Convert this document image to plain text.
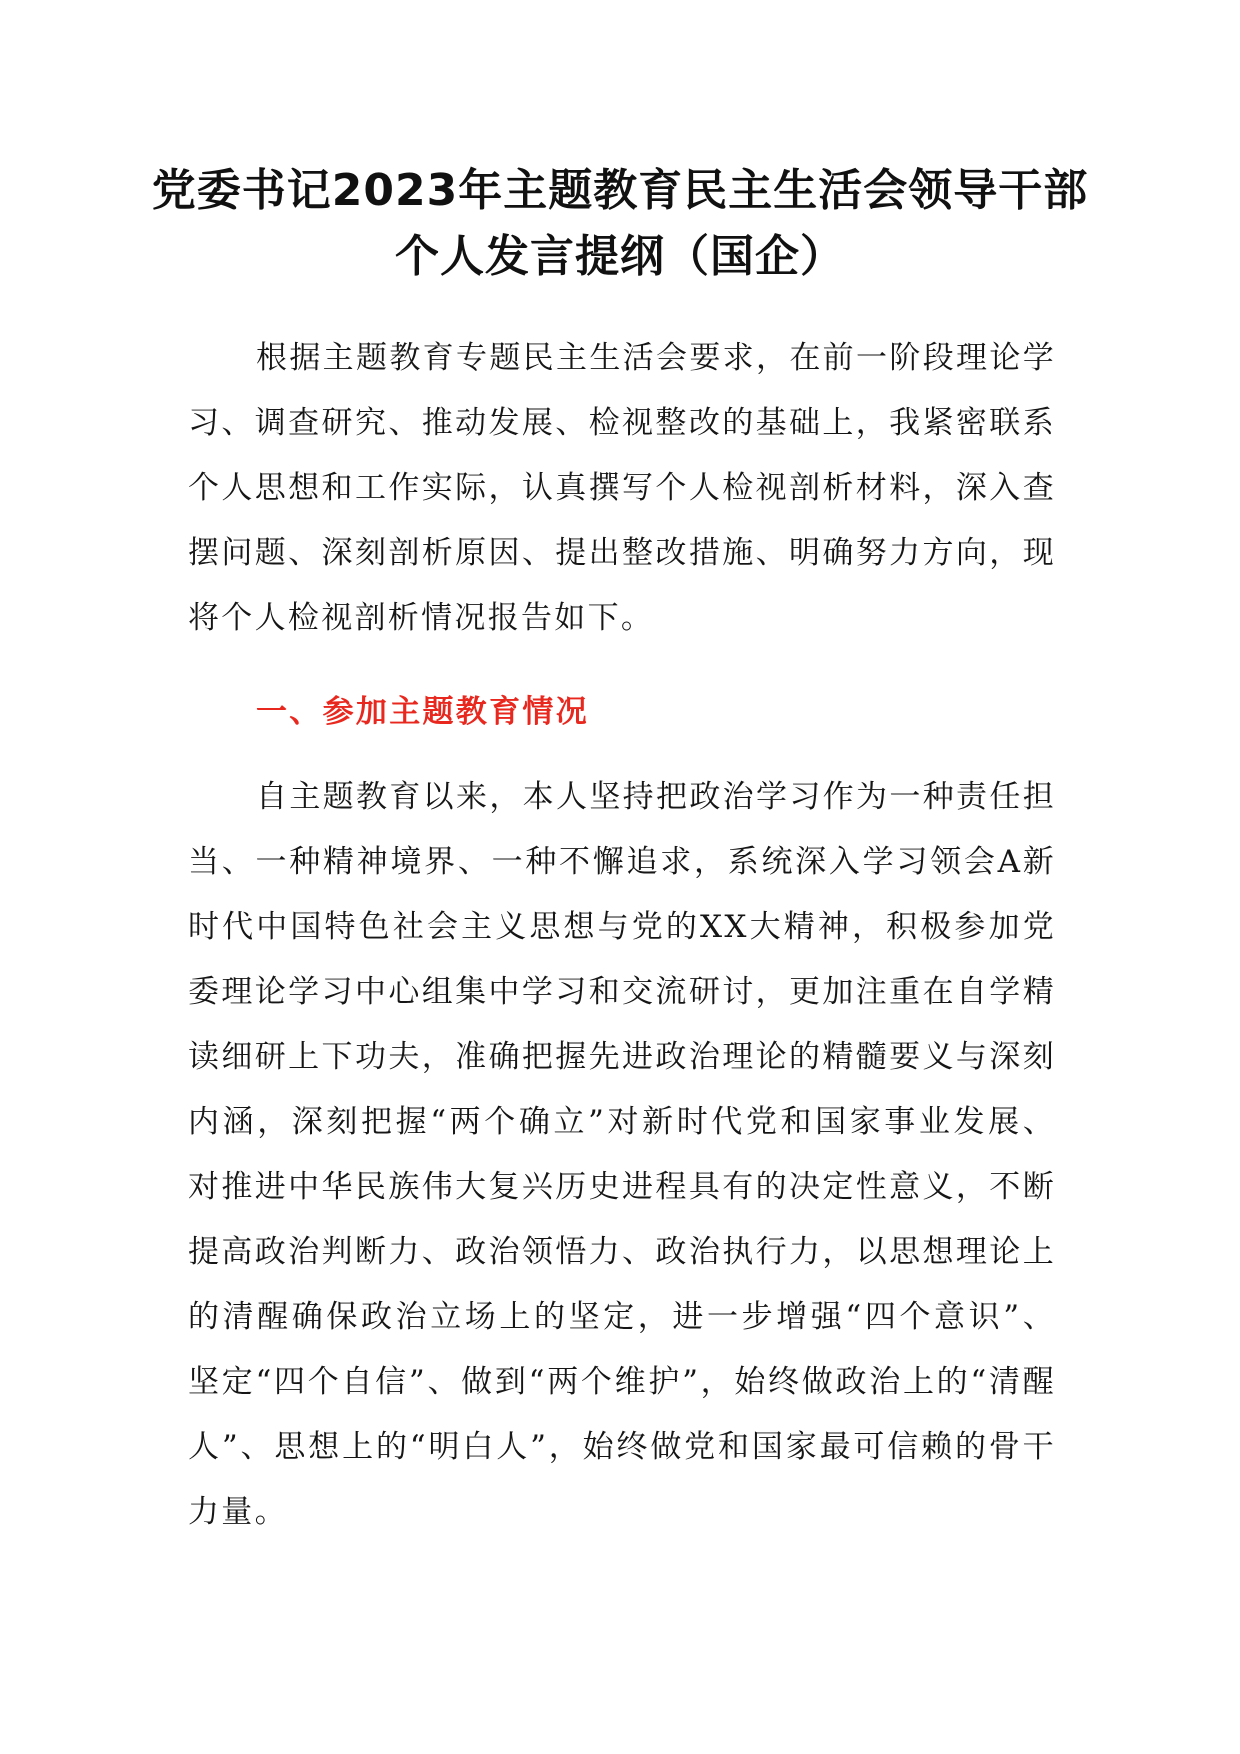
党委书记2023年主题教育民主生活会领导干部个人发言提纲（国企）

根据主题教育专题民主生活会要求，在前一阶段理论学习、调查研究、推动发展、检视整改的基础上，我紧密联系个人思想和工作实际，认真撰写个人检视剖析材料，深入查摆问题、深刻剖析原因、提出整改措施、明确努力方向，现将个人检视剖析情况报告如下。

一、参加主题教育情况

自主题教育以来，本人坚持把政治学习作为一种责任担当、一种精神境界、一种不懈追求，系统深入学习领会A新时代中国特色社会主义思想与党的XX大精神，积极参加党委理论学习中心组集中学习和交流研讨，更加注重在自学精读细研上下功夫，准确把握先进政治理论的精髓要义与深刻内涵，深刻把握“两个确立”对新时代党和国家事业发展、对推进中华民族伟大复兴历史进程具有的决定性意义，不断提高政治判断力、政治领悟力、政治执行力，以思想理论上的清醒确保政治立场上的坚定，进一步增强“四个意识”、坚定“四个自信”、做到“两个维护”，始终做政治上的“清醒人”、思想上的“明白人”，始终做党和国家最可信赖的骨干力量。
